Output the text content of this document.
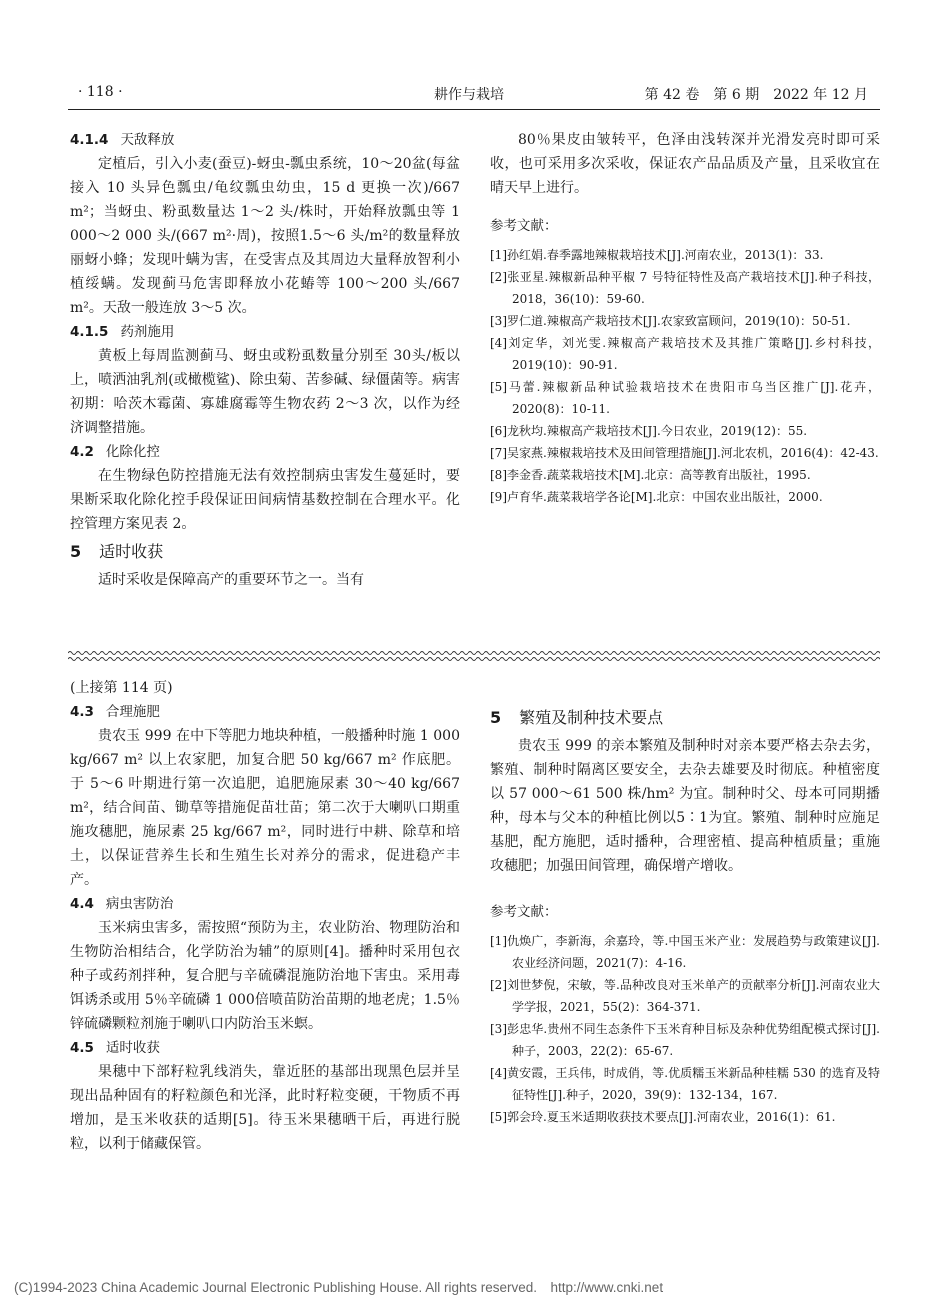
· 118 ·	耕作与栽培	第 42 卷　第 6 期　2022 年 12 月
4.1.4 天敌释放

定植后，引入小麦(蚕豆)-蚜虫-瓢虫系统，10～20盆(每盆接入 10 头异色瓢虫/龟纹瓢虫幼虫，15 d 更换一次)/667 m²；当蚜虫、粉虱数量达 1～2 头/株时，开始释放瓢虫等 1 000～2 000 头/(667 m²·周)，按照1.5～6 头/m²的数量释放丽蚜小蜂；发现叶螨为害，在受害点及其周边大量释放智利小植绥螨。发现蓟马危害即释放小花蝽等 100～200 头/667 m²。天敌一般连放 3～5 次。

4.1.5 药剂施用

黄板上每周监测蓟马、蚜虫或粉虱数量分别至 30头/板以上，喷洒油乳剂(或橄榄鲨)、除虫菊、苦参碱、绿僵菌等。病害初期：哈茨木霉菌、寡雄腐霉等生物农药 2～3 次，以作为经济调整措施。

4.2 化除化控

在生物绿色防控措施无法有效控制病虫害发生蔓延时，要果断采取化除化控手段保证田间病情基数控制在合理水平。化控管理方案见表 2。

5 适时收获

适时采收是保障高产的重要环节之一。当有

80％果皮由皱转平，色泽由浅转深并光滑发亮时即可采收，也可采用多次采收，保证农产品品质及产量，且采收宜在晴天早上进行。

参考文献：

[1]孙红娟.春季露地辣椒栽培技术[J].河南农业，2013(1)：33.

[2]张亚星.辣椒新品种平椒 7 号特征特性及高产栽培技术[J].种子科技，2018，36(10)：59-60.

[3]罗仁道.辣椒高产栽培技术[J].农家致富顾问，2019(10)：50-51.

[4]刘定华，刘光雯.辣椒高产栽培技术及其推广策略[J].乡村科技，2019(10)：90-91.

[5]马蕾.辣椒新品种试验栽培技术在贵阳市乌当区推广[J].花卉，2020(8)：10-11.

[6]龙秋均.辣椒高产栽培技术[J].今日农业，2019(12)：55.

[7]吴家燕.辣椒栽培技术及田间管理措施[J].河北农机，2016(4)：42-43.

[8]李金香.蔬菜栽培技术[M].北京：高等教育出版社，1995.

[9]卢育华.蔬菜栽培学各论[M].北京：中国农业出版社，2000.

(上接第 114 页)

4.3 合理施肥

贵农玉 999 在中下等肥力地块种植，一般播种时施 1 000 kg/667 m² 以上农家肥，加复合肥 50 kg/667 m² 作底肥。于 5～6 叶期进行第一次追肥，追肥施尿素 30～40 kg/667 m²，结合间苗、锄草等措施促苗壮苗；第二次于大喇叭口期重施攻穗肥，施尿素 25 kg/667 m²，同时进行中耕、除草和培土，以保证营养生长和生殖生长对养分的需求，促进稳产丰产。

4.4 病虫害防治

玉米病虫害多，需按照“预防为主，农业防治、物理防治和生物防治相结合，化学防治为辅”的原则[4]。播种时采用包衣种子或药剂拌种，复合肥与辛硫磷混施防治地下害虫。采用毒饵诱杀或用 5％辛硫磷 1 000倍喷苗防治苗期的地老虎；1.5％锌硫磷颗粒剂施于喇叭口内防治玉米螟。

4.5 适时收获

果穗中下部籽粒乳线消失，靠近胚的基部出现黑色层并呈现出品种固有的籽粒颜色和光泽，此时籽粒变硬，干物质不再增加，是玉米收获的适期[5]。待玉米果穗晒干后，再进行脱粒，以利于储藏保管。

5 繁殖及制种技术要点

贵农玉 999 的亲本繁殖及制种时对亲本要严格去杂去劣，繁殖、制种时隔离区要安全，去杂去雄要及时彻底。种植密度以 57 000～61 500 株/hm² 为宜。制种时父、母本可同期播种，母本与父本的种植比例以5∶1为宜。繁殖、制种时应施足基肥，配方施肥，适时播种，合理密植、提高种植质量；重施攻穗肥；加强田间管理，确保增产增收。

参考文献：

[1]仇焕广，李新海，余嘉玲，等.中国玉米产业：发展趋势与政策建议[J].农业经济问题，2021(7)：4-16.

[2]刘世梦倪，宋敏，等.品种改良对玉米单产的贡献率分析[J].河南农业大学学报，2021，55(2)：364-371.

[3]彭忠华.贵州不同生态条件下玉米育种目标及杂种优势组配模式探讨[J].种子，2003，22(2)：65-67.

[4]黄安霞，王兵伟，时成俏，等.优质糯玉米新品种桂糯 530 的选育及特征特性[J].种子，2020，39(9)：132-134，167.

[5]郭会玲.夏玉米适期收获技术要点[J].河南农业，2016(1)：61.

(C)1994-2023 China Academic Journal Electronic Publishing House. All rights reserved.　http://www.cnki.net
